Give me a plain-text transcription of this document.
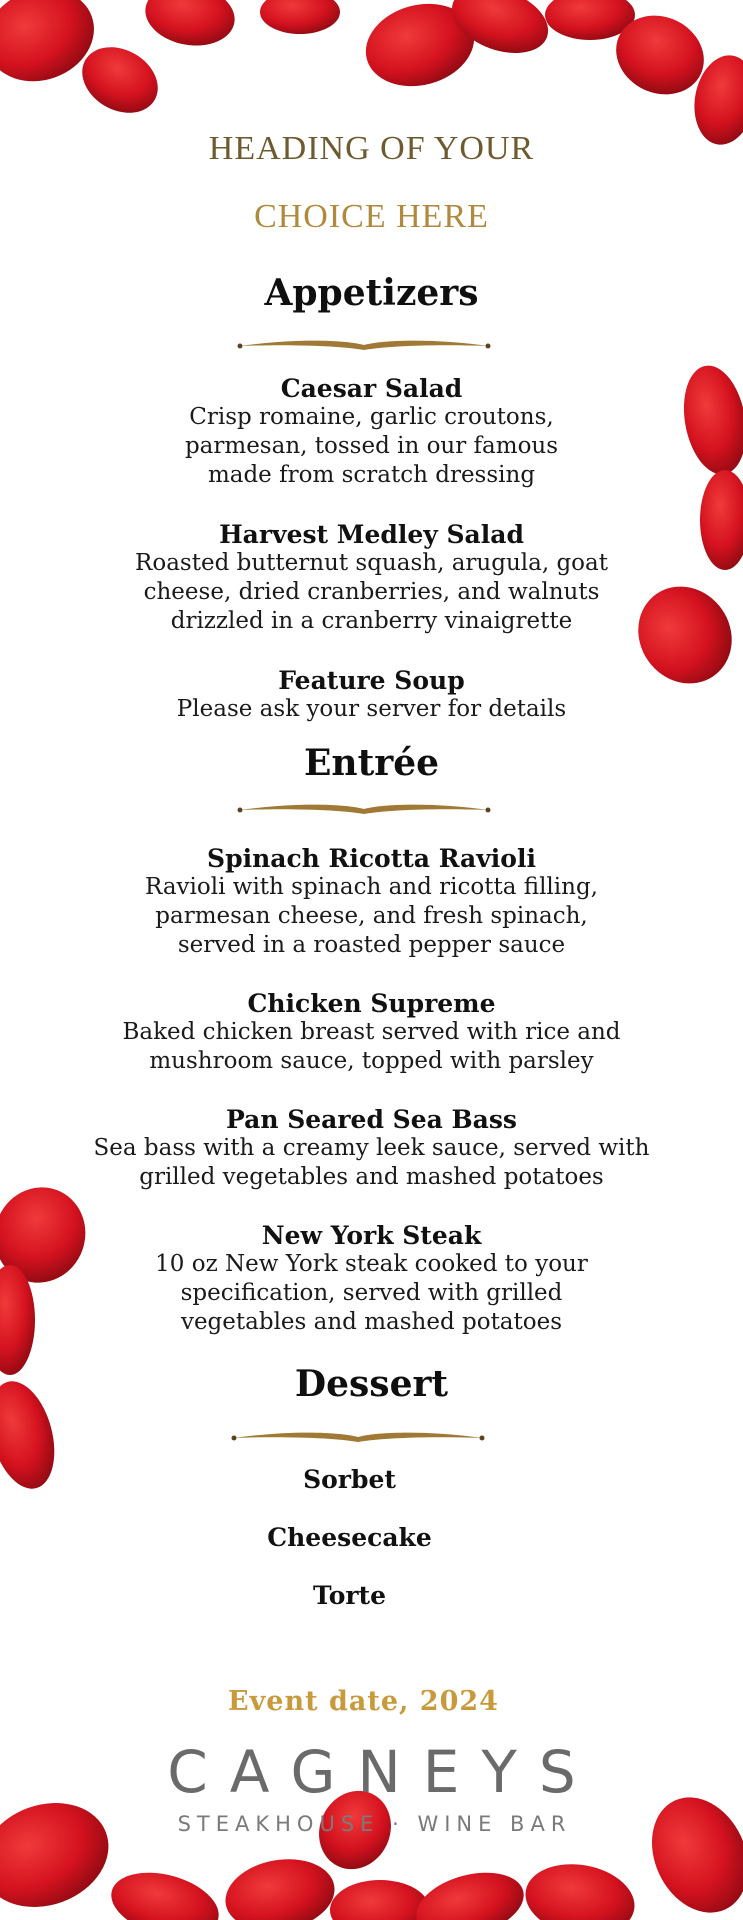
HEADING OF YOUR
CHOICE HERE
Appetizers
Caesar Salad
Crisp romaine, garlic croutons,
parmesan, tossed in our famous
made from scratch dressing
Harvest Medley Salad
Roasted butternut squash, arugula, goat
cheese, dried cranberries, and walnuts
drizzled in a cranberry vinaigrette
Feature Soup
Please ask your server for details
Entrée
Spinach Ricotta Ravioli
Ravioli with spinach and ricotta filling,
parmesan cheese, and fresh spinach,
served in a roasted pepper sauce
Chicken Supreme
Baked chicken breast served with rice and
mushroom sauce, topped with parsley
Pan Seared Sea Bass
Sea bass with a creamy leek sauce, served with
grilled vegetables and mashed potatoes
New York Steak
10 oz New York steak cooked to your
specification, served with grilled
vegetables and mashed potatoes
Dessert
Sorbet
Cheesecake
Torte
Event date, 2024
CAGNEYS
STEAKHOUSE · WINE BAR
